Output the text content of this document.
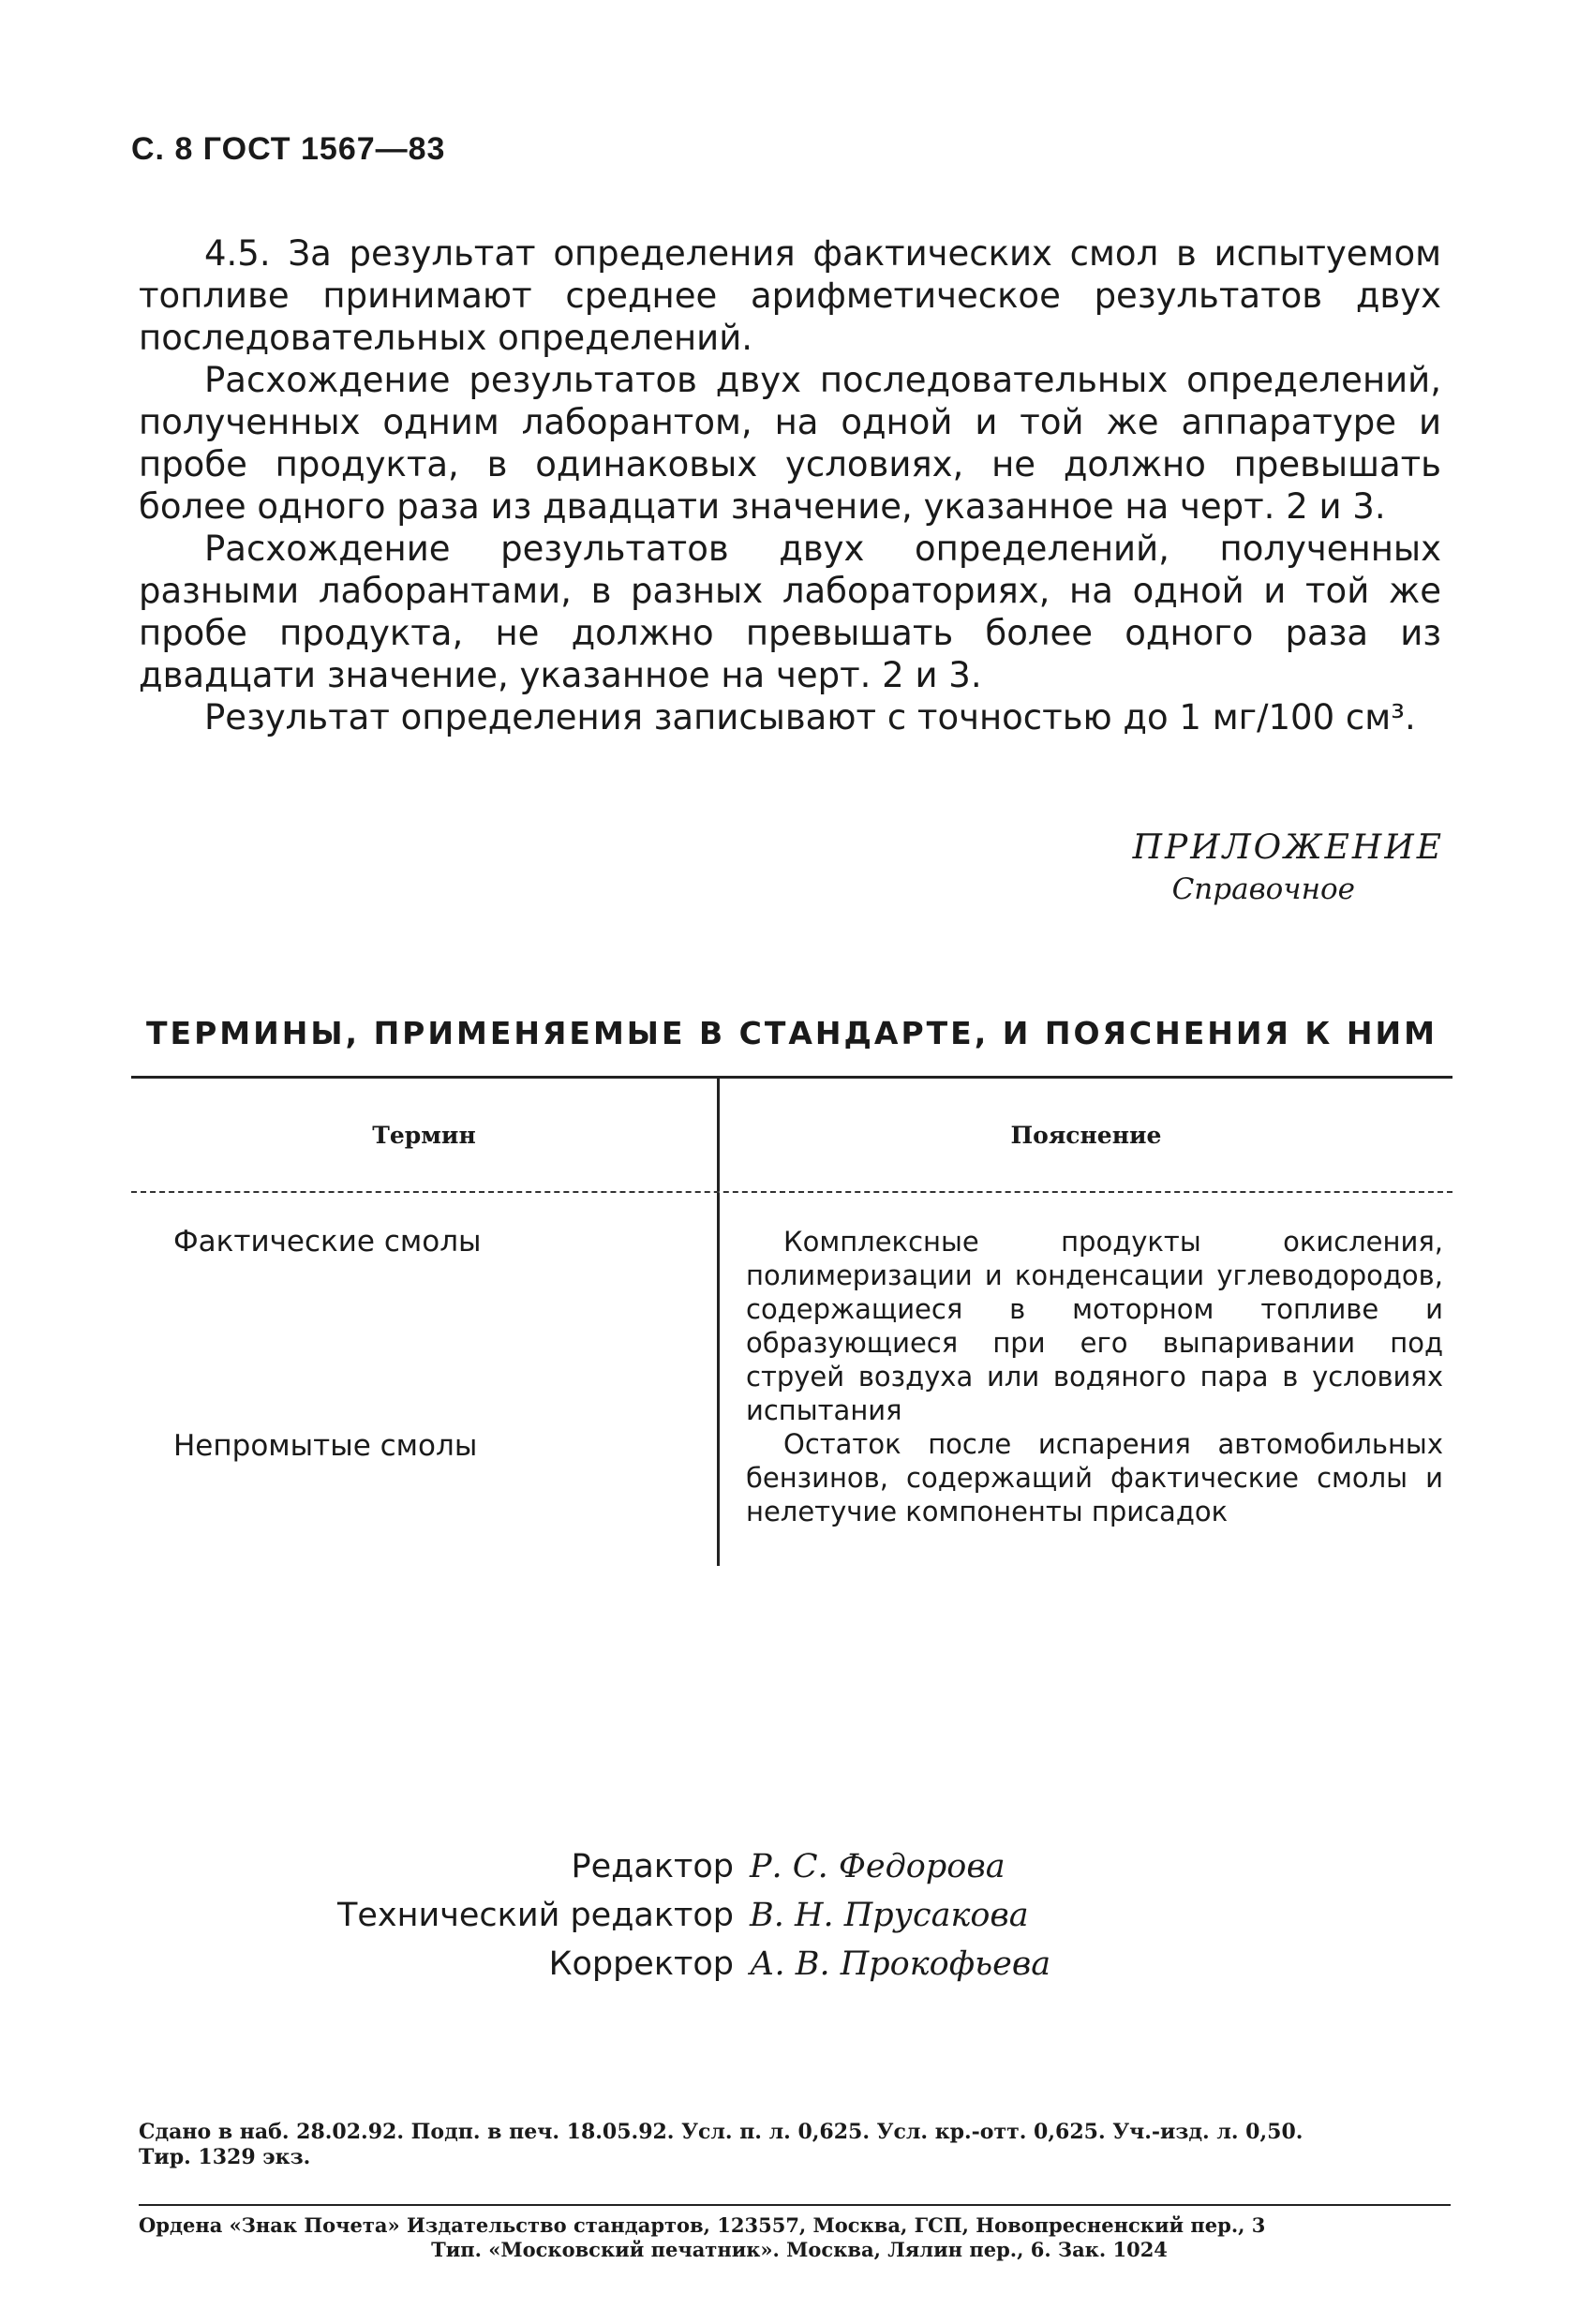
С. 8 ГОСТ 1567—83

4.5. За результат определения фактических смол в испытуемом топливе принимают среднее арифметическое результатов двух последовательных определений.

Расхождение результатов двух последовательных определений, полученных одним лаборантом, на одной и той же аппаратуре и пробе продукта, в одинаковых условиях, не должно превышать более одного раза из двадцати значение, указанное на черт. 2 и 3.

Расхождение результатов двух определений, полученных разными лаборантами, в разных лабораториях, на одной и той же пробе продукта, не должно превышать более одного раза из двадцати значение, указанное на черт. 2 и 3.

Результат определения записывают с точностью до 1 мг/100 см³.

ПРИЛОЖЕНИЕ
Справочное
ТЕРМИНЫ, ПРИМЕНЯЕМЫЕ В СТАНДАРТЕ, И ПОЯСНЕНИЯ К НИМ
Термин	Пояснение
Фактические смолы
Непромытые смолы

Комплексные продукты окисления, полимеризации и конденсации углеводородов, содержащиеся в моторном топливе и образующиеся при его выпаривании под струей воздуха или водяного пара в условиях испытания

Остаток после испарения автомобильных бензинов, содержащий фактические смолы и нелетучие компоненты присадок

Редактор Р. С. Федорова
Технический редактор В. Н. Прусакова
Корректор А. В. Прокофьева
Сдано в наб. 28.02.92. Подп. в печ. 18.05.92. Усл. п. л. 0,625. Усл. кр.-отт. 0,625. Уч.-изд. л. 0,50.
Тир. 1329 экз.
Ордена «Знак Почета» Издательство стандартов, 123557, Москва, ГСП, Новопресненский пер., 3
Тип. «Московский печатник». Москва, Лялин пер., 6. Зак. 1024
